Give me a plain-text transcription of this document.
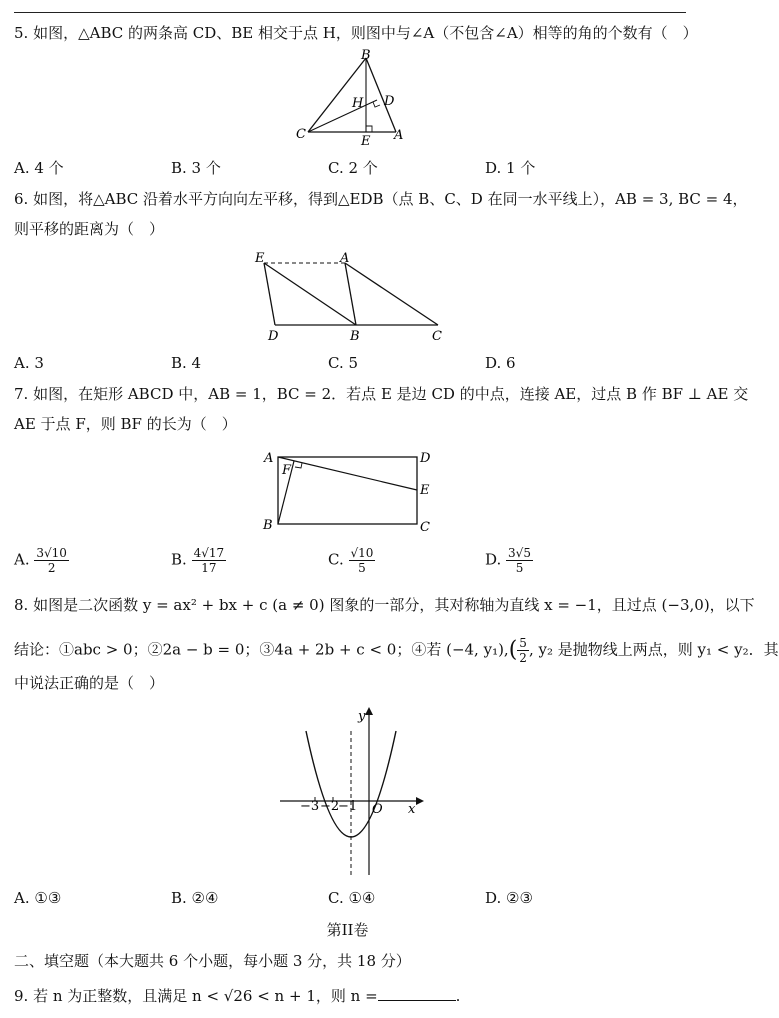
5. 如图，△ABC 的两条高 CD、BE 相交于点 H，则图中与∠A（不包含∠A）相等的角的个数有（　）
B
H D
C	E A
A. 4 个	B. 3 个	C. 2 个	D. 1 个
6. 如图，将△ABC 沿着水平方向向左平移，得到△EDB（点 B、C、D 在同一水平线上），AB = 3, BC = 4，
则平移的距离为（　）
E	A
D	B	C
A. 3	B. 4	C. 5	D. 6
7. 如图，在矩形 ABCD 中，AB = 1，BC = 2．若点 E 是边 CD 的中点，连接 AE，过点 B 作 BF ⊥ AE 交
AE 于点 F，则 BF 的长为（　）
A	D
F
E
B	C
A. $\frac{3√10}{2}$	B. $\frac{4√17}{17}$	C. $\frac{√10}{5}$	D. $\frac{3√5}{5}$
8. 如图是二次函数 y = ax² + bx + c (a ≠ 0) 图象的一部分，其对称轴为直线 x = −1，且过点 (−3,0)，以下
结论：①abc > 0；②2a − b = 0；③4a + 2b + c < 0；④若 (−4, $y_1),( \frac{5}{2}$ , y₂ 是抛物线上两点，则 y₁ < y₂．其
中说法正确的是（　）
y
x
O
−3 −2
−1
A. ①③	B. ②④	C. ①④	D. ②③
第II卷
二、填空题（本大题共 6 个小题，每小题 3 分，共 18 分）
9. 若 n 为正整数，且满足 n < √26 < n + 1，则 n =	.
